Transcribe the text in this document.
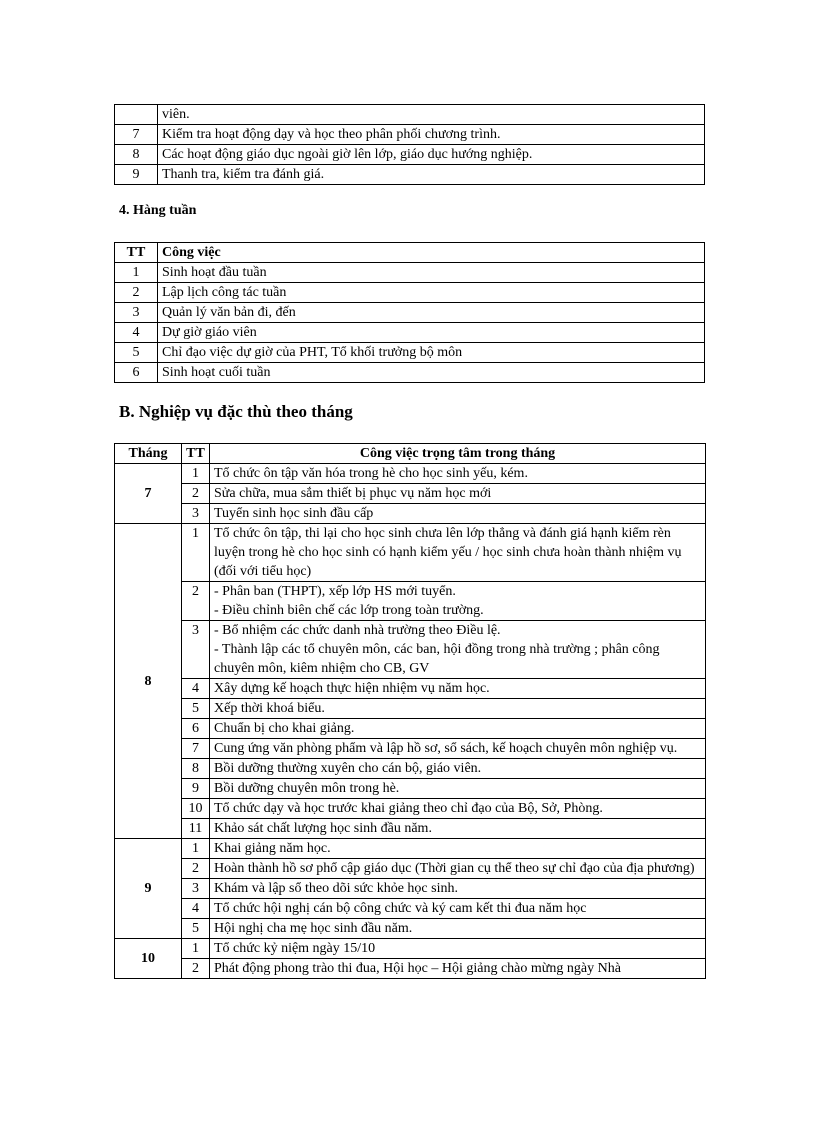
	viên.
7	Kiểm tra hoạt động dạy và học theo phân phối chương trình.
8	Các hoạt động giáo dục ngoài giờ lên lớp, giáo dục hướng nghiệp.
9	Thanh tra, kiểm tra đánh giá.
4. Hàng tuần
TT	Công việc
1	Sinh hoạt đầu tuần
2	Lập lịch công tác tuần
3	Quản lý văn bản đi, đến
4	Dự giờ giáo viên
5	Chỉ đạo việc dự giờ của PHT, Tổ khối trưởng bộ môn
6	Sinh hoạt cuối tuần
B. Nghiệp vụ đặc thù theo tháng
Tháng	TT	Công việc trọng tâm trong tháng
7	1	Tổ chức ôn tập văn hóa trong hè cho học sinh yếu, kém.
	2	Sửa chữa, mua sắm thiết bị phục vụ năm học mới
	3	Tuyển sinh học sinh đầu cấp
8	1	Tổ chức ôn tập, thi lại cho học sinh chưa lên lớp thẳng và đánh giá hạnh kiểm rèn luyện trong hè cho học sinh có hạnh kiểm yếu / học sinh chưa hoàn thành nhiệm vụ (đối với tiểu học)
	2	- Phân ban (THPT), xếp lớp HS mới tuyển.
- Điều chỉnh biên chế các lớp trong toàn trường.

	3	- Bổ nhiệm các chức danh nhà trường theo Điều lệ.
- Thành lập các tổ chuyên môn, các ban, hội đồng trong nhà trường ; phân công chuyên môn, kiêm nhiệm cho CB, GV

	4	Xây dựng kế hoạch thực hiện nhiệm vụ năm học.
	5	Xếp thời khoá biểu.
	6	Chuẩn bị cho khai giảng.
	7	Cung ứng văn phòng phẩm và lập hồ sơ, sổ sách, kế hoạch chuyên môn nghiệp vụ.
	8	Bồi dưỡng thường xuyên cho cán bộ, giáo viên.
	9	Bồi dưỡng chuyên môn trong hè.
	10	Tổ chức dạy và học trước khai giảng theo chỉ đạo của Bộ, Sở, Phòng.
	11	Khảo sát chất lượng học sinh đầu năm.
9	1	Khai giảng năm học.
	2	Hoàn thành hồ sơ phổ cập giáo dục (Thời gian cụ thể theo sự chỉ đạo của địa phương)
	3	Khám và lập sổ theo dõi sức khỏe học sinh.
	4	Tổ chức hội nghị cán bộ công chức và ký cam kết thi đua năm học
	5	Hội nghị cha mẹ học sinh đầu năm.
10	1	Tổ chức kỷ niệm ngày 15/10
	2	Phát động phong trào thi đua, Hội học – Hội giảng chào mừng ngày Nhà
